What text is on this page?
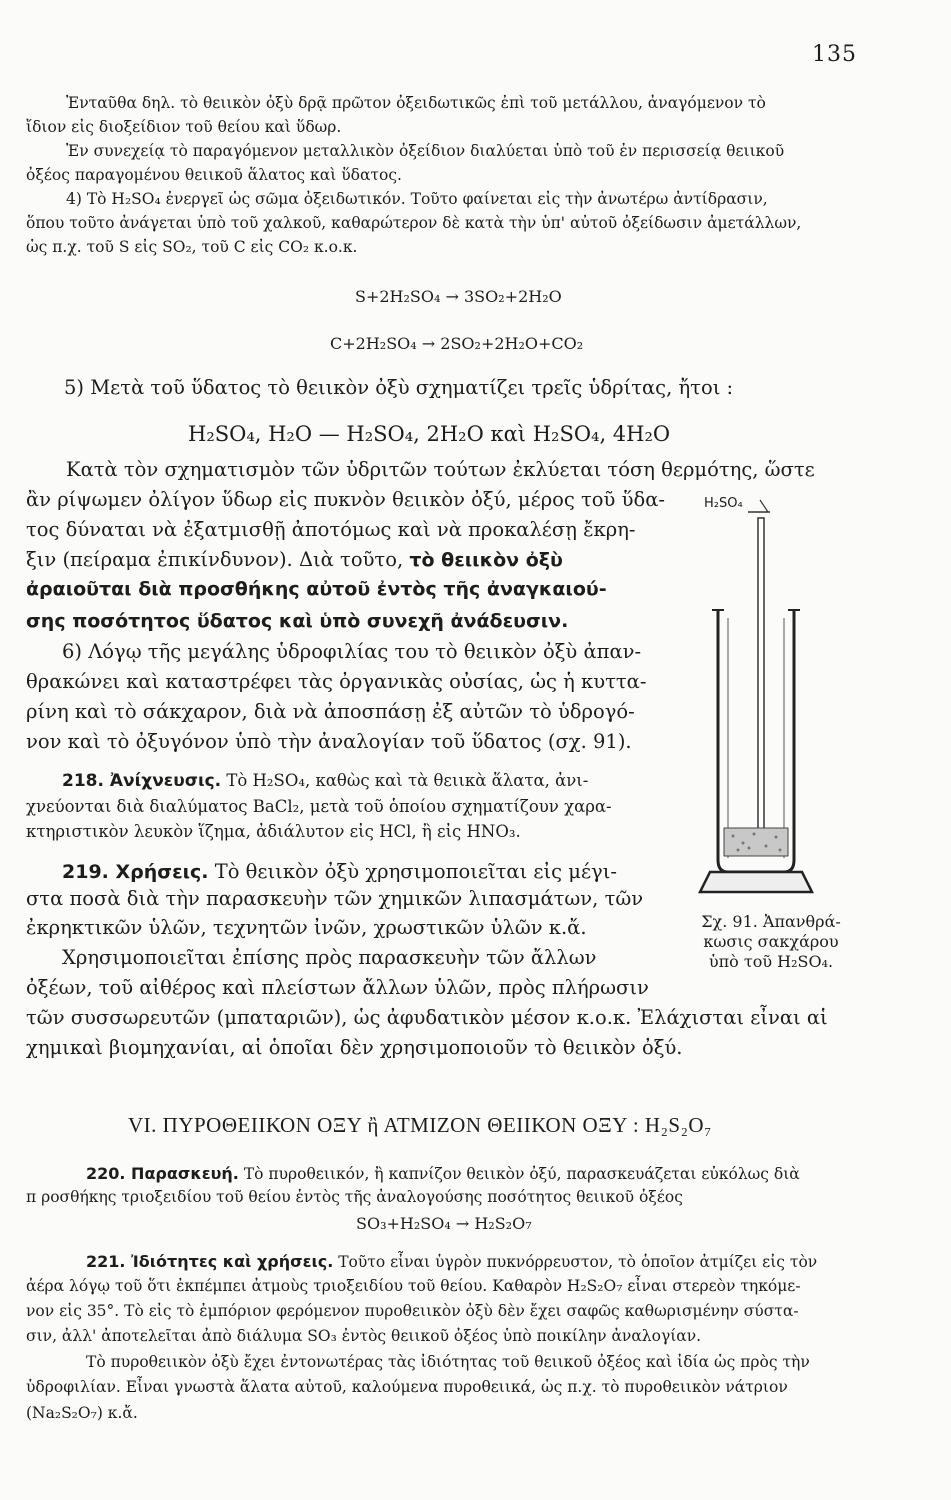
135
Ἐνταῦθα δηλ. τὸ θειικὸν ὀξὺ δρᾷ πρῶτον ὀξειδωτικῶς ἐπὶ τοῦ μετάλλου, ἀναγόμενον τὸ
ἴδιον εἰς διοξείδιον τοῦ θείου καὶ ὕδωρ.
Ἐν συνεχείᾳ τὸ παραγόμενον μεταλλικὸν ὀξείδιον διαλύεται ὑπὸ τοῦ ἐν περισσείᾳ θειικοῦ
ὀξέος παραγομένου θειικοῦ ἅλατος καὶ ὕδατος.
4) Τὸ H₂SO₄ ἐνεργεῖ ὡς σῶμα ὀξειδωτικόν. Τοῦτο φαίνεται εἰς τὴν ἀνωτέρω ἀντίδρασιν,
ὅπου τοῦτο ἀνάγεται ὑπὸ τοῦ χαλκοῦ, καθαρώτερον δὲ κατὰ τὴν ὑπ' αὐτοῦ ὀξείδωσιν ἀμετάλλων,
ὡς π.χ. τοῦ S εἰς SO₂, τοῦ C εἰς CO₂ κ.ο.κ.
S+2H₂SO₄ → 3SO₂+2H₂O
C+2H₂SO₄ → 2SO₂+2H₂O+CO₂
5) Μετὰ τοῦ ὕδατος τὸ θειικὸν ὀξὺ σχηματίζει τρεῖς ὑδρίτας, ἤτοι :
H₂SO₄, H₂O — H₂SO₄, 2H₂O καὶ H₂SO₄, 4H₂O
Κατὰ τὸν σχηματισμὸν τῶν ὑδριτῶν τούτων ἐκλύεται τόση θερμότης, ὥστε
ἂν ρίψωμεν ὀλίγον ὕδωρ εἰς πυκνὸν θειικὸν ὀξύ, μέρος τοῦ ὕδα-
τος δύναται νὰ ἐξατμισθῇ ἀποτόμως καὶ νὰ προκαλέσῃ ἔκρη-
ξιν (πείραμα ἐπικίνδυνον). Διὰ τοῦτο, τὸ θειικὸν ὀξὺ
ἀραιοῦται διὰ προσθήκης αὐτοῦ ἐντὸς τῆς ἀναγκαιού-
σης ποσότητος ὕδατος καὶ ὑπὸ συνεχῆ ἀνάδευσιν.
6) Λόγῳ τῆς μεγάλης ὑδροφιλίας του τὸ θειικὸν ὀξὺ ἀπαν-
θρακώνει καὶ καταστρέφει τὰς ὀργανικὰς οὐσίας, ὡς ἡ κυττα-
ρίνη καὶ τὸ σάκχαρον, διὰ νὰ ἀποσπάσῃ ἐξ αὐτῶν τὸ ὑδρογό-
νον καὶ τὸ ὀξυγόνον ὑπὸ τὴν ἀναλογίαν τοῦ ὕδατος (σχ. 91).
218. Ἀνίχνευσις. Τὸ H₂SO₄, καθὼς καὶ τὰ θειικὰ ἅλατα, ἀνι-
χνεύονται διὰ διαλύματος BaCl₂, μετὰ τοῦ ὁποίου σχηματίζουν χαρα-
κτηριστικὸν λευκὸν ἵζημα, ἀδιάλυτον εἰς HCl, ἢ εἰς HNO₃.
219. Χρήσεις. Τὸ θειικὸν ὀξὺ χρησιμοποιεῖται εἰς μέγι-
στα ποσὰ διὰ τὴν παρασκευὴν τῶν χημικῶν λιπασμάτων, τῶν
ἐκρηκτικῶν ὑλῶν, τεχνητῶν ἰνῶν, χρωστικῶν ὑλῶν κ.ἄ.
Χρησιμοποιεῖται ἐπίσης πρὸς παρασκευὴν τῶν ἄλλων
ὀξέων, τοῦ αἰθέρος καὶ πλείστων ἄλλων ὑλῶν, πρὸς πλήρωσιν
τῶν συσσωρευτῶν (μπαταριῶν), ὡς ἀφυδατικὸν μέσον κ.ο.κ. Ἐλάχισται εἶναι αἱ
χημικαὶ βιομηχανίαι, αἱ ὁποῖαι δὲν χρησιμοποιοῦν τὸ θειικὸν ὀξύ.
H₂SO₄
Σχ. 91. Ἀπανθρά-
κωσις σακχάρου
ὑπὸ τοῦ H₂SO₄.
VI. ΠΥΡΟΘΕΙΙΚΟΝ ΟΞΥ ἢ ΑΤΜΙΖΟΝ ΘΕΙΙΚΟΝ ΟΞΥ : H₂S₂O₇
220. Παρασκευή. Τὸ πυροθειικόν, ἢ καπνίζον θειικὸν ὀξύ, παρασκευάζεται εὐκόλως διὰ
π ροσθήκης τριοξειδίου τοῦ θείου ἐντὸς τῆς ἀναλογούσης ποσότητος θειικοῦ ὀξέος
SO₃+H₂SO₄ → H₂S₂O₇
221. Ἰδιότητες καὶ χρήσεις. Τοῦτο εἶναι ὑγρὸν πυκνόρρευστον, τὸ ὁποῖον ἀτμίζει εἰς τὸν
ἀέρα λόγῳ τοῦ ὅτι ἐκπέμπει ἀτμοὺς τριοξειδίου τοῦ θείου. Καθαρὸν H₂S₂O₇ εἶναι στερεὸν τηκόμε-
νον εἰς 35°. Τὸ εἰς τὸ ἐμπόριον φερόμενον πυροθειικὸν ὀξὺ δὲν ἔχει σαφῶς καθωρισμένην σύστα-
σιν, ἀλλ' ἀποτελεῖται ἀπὸ διάλυμα SO₃ ἐντὸς θειικοῦ ὀξέος ὑπὸ ποικίλην ἀναλογίαν.
Τὸ πυροθειικὸν ὀξὺ ἔχει ἐντονωτέρας τὰς ἰδιότητας τοῦ θειικοῦ ὀξέος καὶ ἰδία ὡς πρὸς τὴν
ὑδροφιλίαν. Εἶναι γνωστὰ ἅλατα αὐτοῦ, καλούμενα πυροθειικά, ὡς π.χ. τὸ πυροθειικὸν νάτριον
(Na₂S₂O₇) κ.ἄ.
